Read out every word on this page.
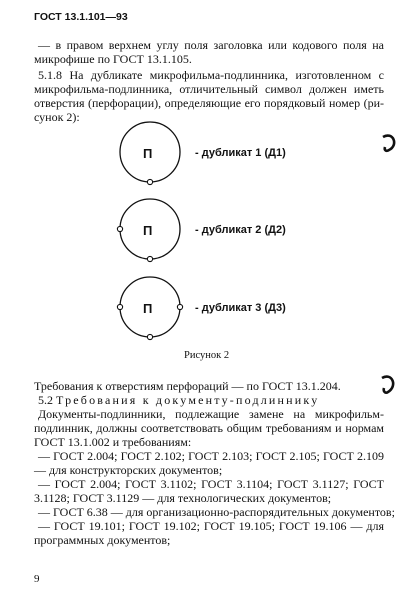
ГОСТ 13.1.101—93
— в правом верхнем углу поля заголовка или кодового поля на
микрофише по ГОСТ 13.1.105.
5.1.8 На дубликате микрофильма-подлинника, изготовленном с
микрофильма-подлинника, отличительный символ должен иметь
отверстия (перфорации), определяющие его порядковый номер (ри-
сунок 2):
П
П
П
- дубликат 1 (Д1)
- дубликат 2 (Д2)
- дубликат 3 (Д3)
Рисунок 2
Требования к отверстиям перфораций — по ГОСТ 13.1.204.
5.2 Требования к документу-подлиннику
Документы-подлинники, подлежащие замене на микрофильм-
подлинник, должны соответствовать общим требованиям и нормам
ГОСТ 13.1.002 и требованиям:
— ГОСТ 2.004; ГОСТ 2.102; ГОСТ 2.103; ГОСТ 2.105; ГОСТ 2.109
— для конструкторских документов;
— ГОСТ 2.004; ГОСТ 3.1102; ГОСТ 3.1104; ГОСТ 3.1127; ГОСТ
3.1128; ГОСТ 3.1129 — для технологических документов;
— ГОСТ 6.38 — для организационно-распорядительных документов;
— ГОСТ 19.101; ГОСТ 19.102; ГОСТ 19.105; ГОСТ 19.106 — для
программных документов;
9
